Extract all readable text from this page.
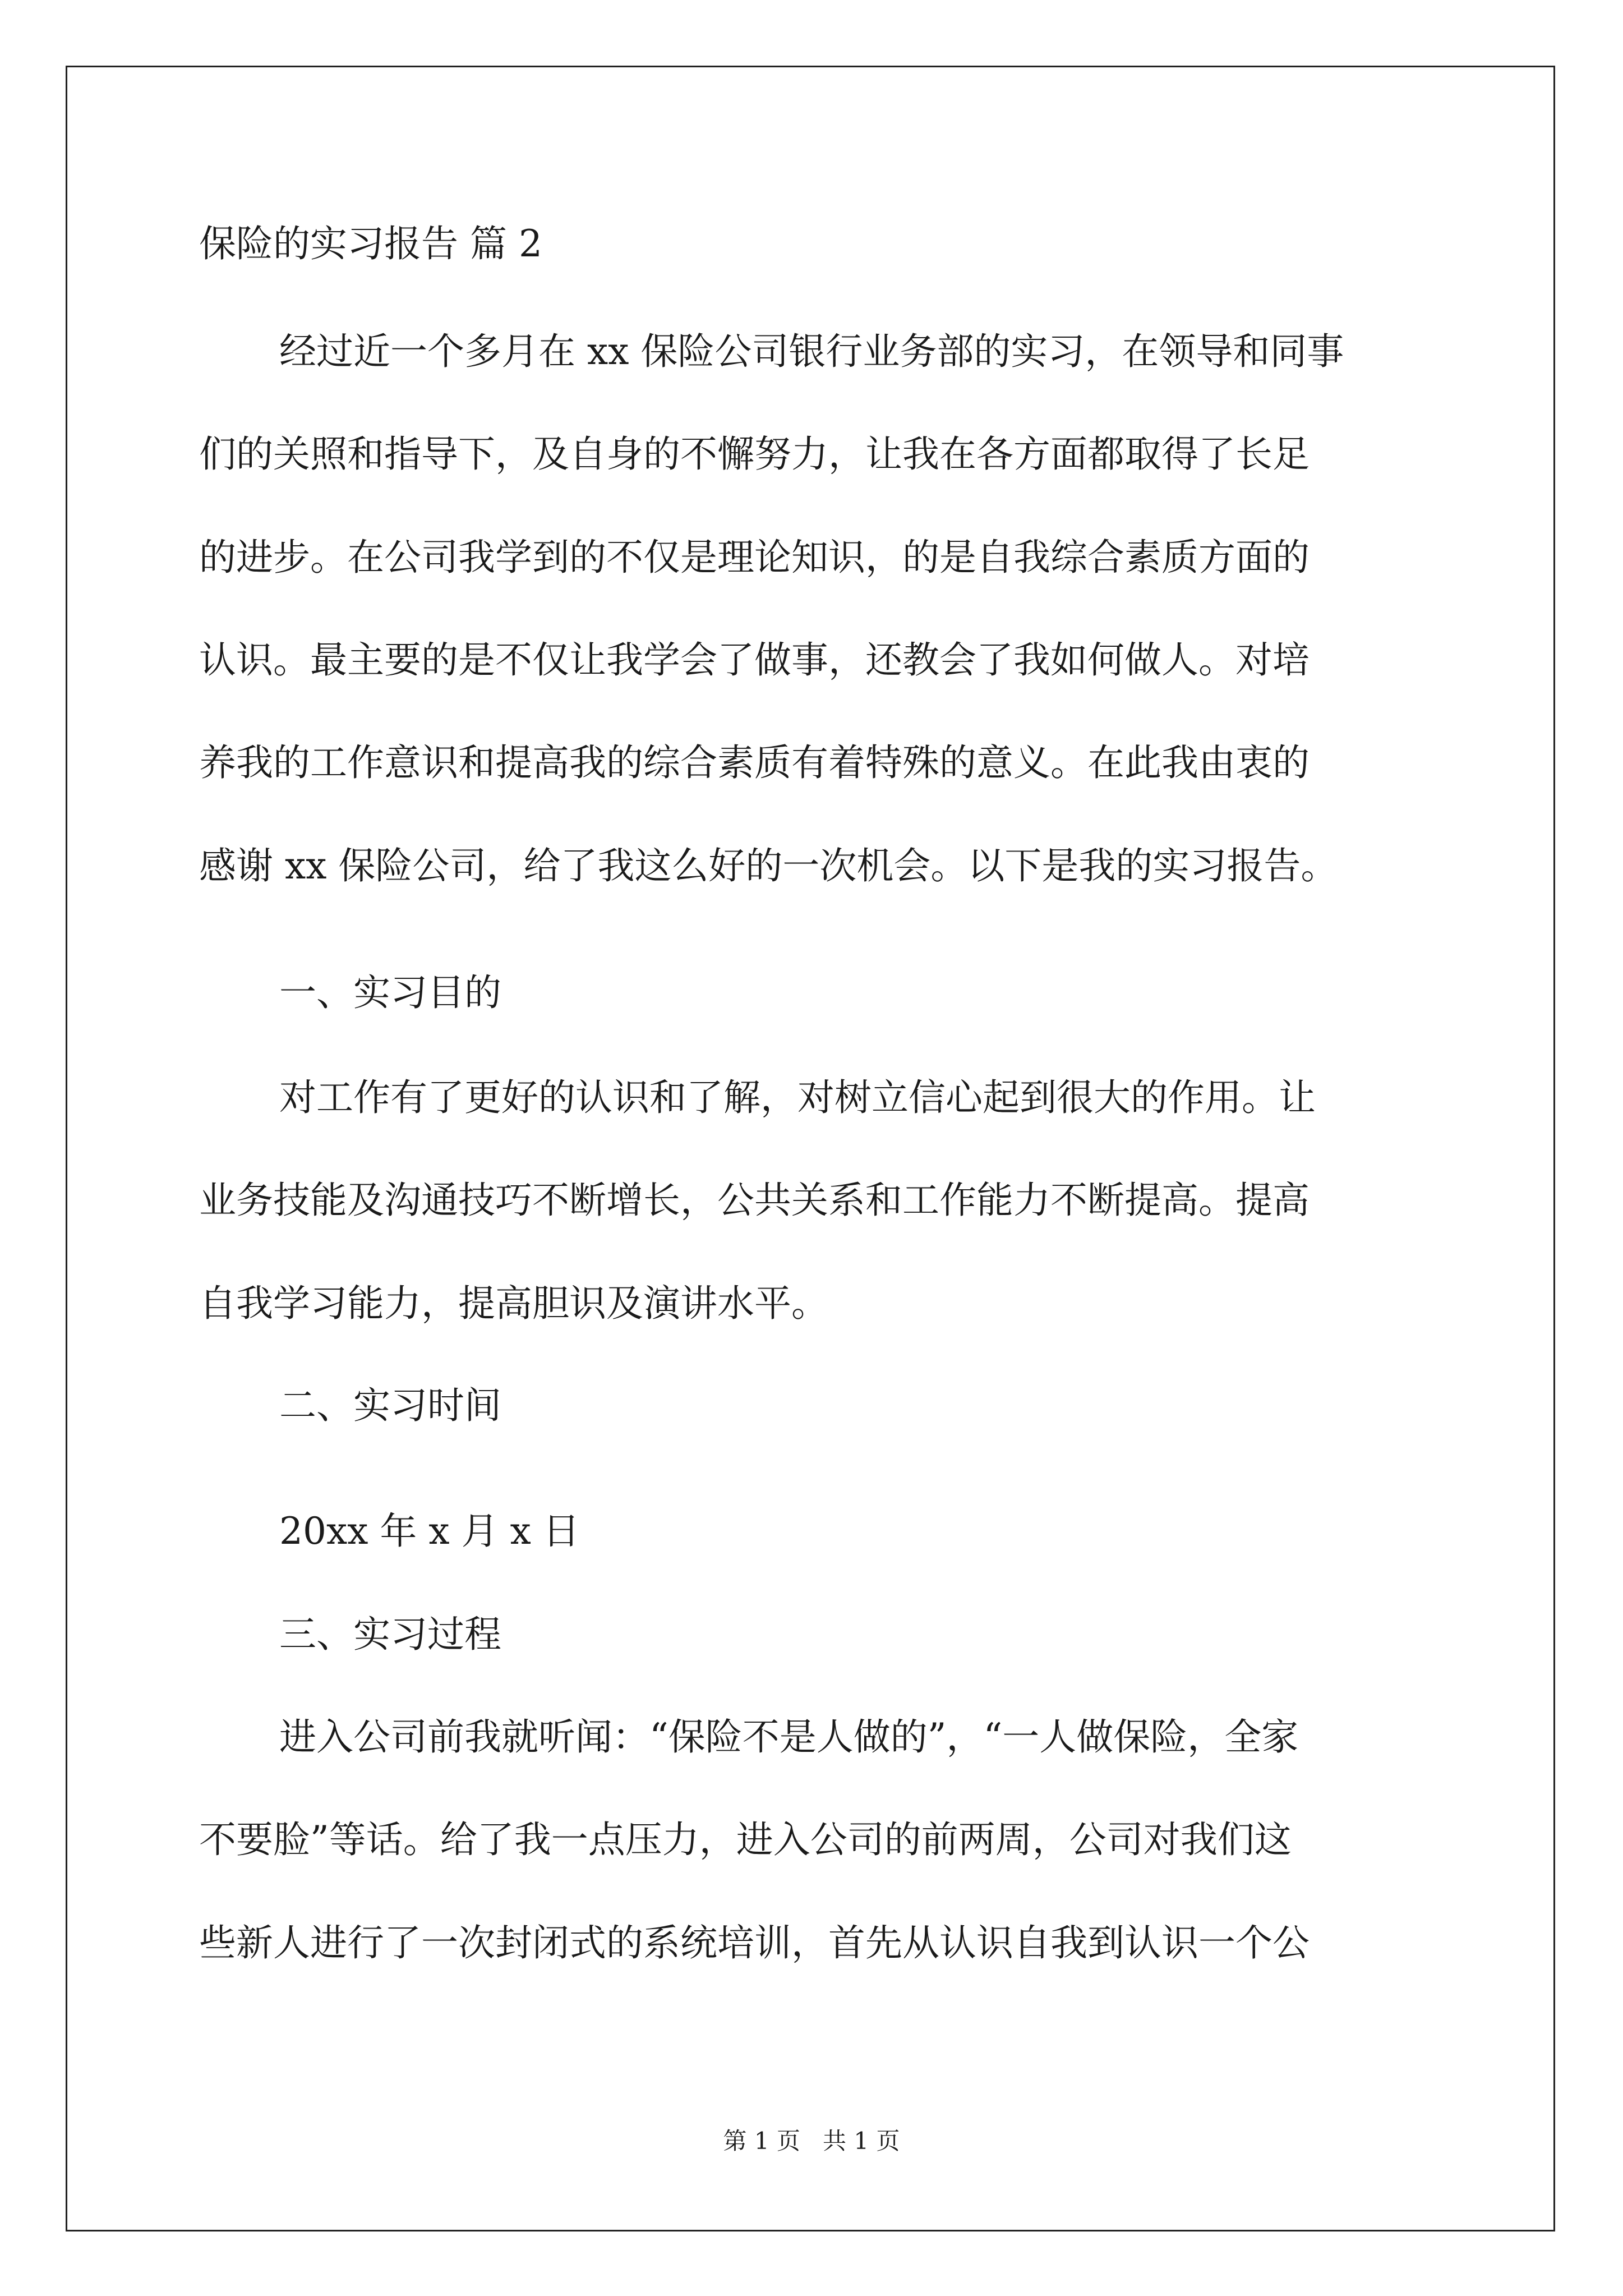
保险的实习报告 篇 2
经过近一个多月在 xx 保险公司银行业务部的实习，在领导和同事
们的关照和指导下，及自身的不懈努力，让我在各方面都取得了长足
的进步。在公司我学到的不仅是理论知识，的是自我综合素质方面的
认识。最主要的是不仅让我学会了做事，还教会了我如何做人。对培
养我的工作意识和提高我的综合素质有着特殊的意义。在此我由衷的
感谢 xx 保险公司，给了我这么好的一次机会。以下是我的实习报告。
一、实习目的
对工作有了更好的认识和了解，对树立信心起到很大的作用。让
业务技能及沟通技巧不断增长，公共关系和工作能力不断提高。提高
自我学习能力，提高胆识及演讲水平。
二、实习时间
20xx 年 x 月 x 日
三、实习过程
进入公司前我就听闻：“保险不是人做的”，“一人做保险，全家
不要脸”等话。给了我一点压力，进入公司的前两周，公司对我们这
些新人进行了一次封闭式的系统培训，首先从认识自我到认识一个公
第 1 页   共 1 页
